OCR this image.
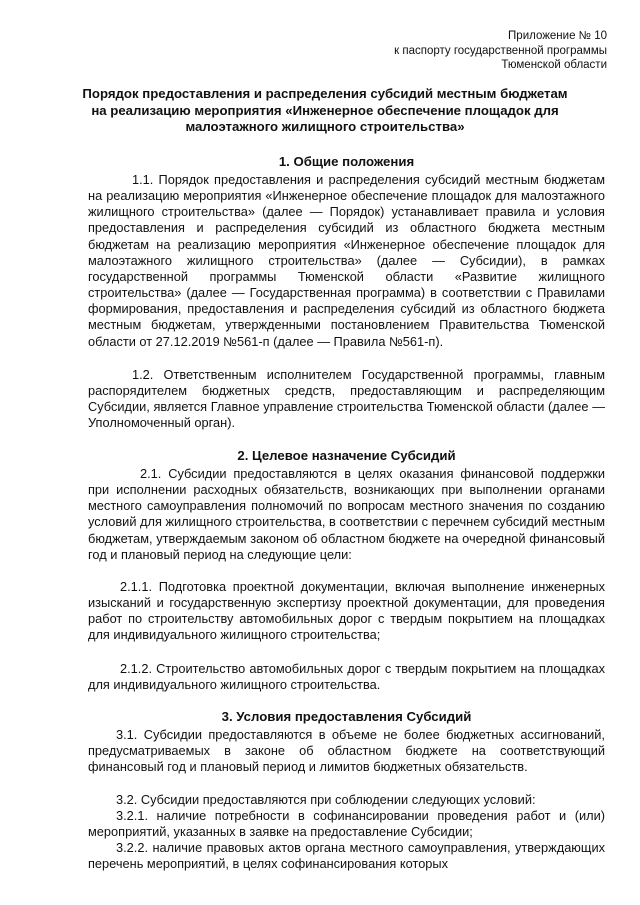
Приложение № 10
к паспорту государственной программы
Тюменской области
Порядок предоставления и распределения субсидий местным бюджетам
на реализацию мероприятия «Инженерное обеспечение площадок для
малоэтажного жилищного строительства»
1. Общие положения

1.1. Порядок предоставления и распределения субсидий местным бюджетам на реализацию мероприятия «Инженерное обеспечение площадок для малоэтажного жилищного строительства» (далее — Порядок) устанавливает правила и условия предоставления и распределения субсидий из областного бюджета местным бюджетам на реализацию мероприятия «Инженерное обеспечение площадок для малоэтажного жилищного строительства» (далее — Субсидии), в рамках государственной программы Тюменской области «Развитие жилищного строительства» (далее — Государственная программа) в соответствии с Правилами формирования, предоставления и распределения субсидий из областного бюджета местным бюджетам, утвержденными постановлением Правительства Тюменской области от 27.12.2019 №561-п (далее — Правила №561-п).

1.2. Ответственным исполнителем Государственной программы, главным распорядителем бюджетных средств, предоставляющим и распределяющим Субсидии, является Главное управление строительства Тюменской области (далее — Уполномоченный орган).

2. Целевое назначение Субсидий

2.1. Субсидии предоставляются в целях оказания финансовой поддержки при исполнении расходных обязательств, возникающих при выполнении органами местного самоуправления полномочий по вопросам местного значения по созданию условий для жилищного строительства, в соответствии с перечнем субсидий местным бюджетам, утверждаемым законом об областном бюджете на очередной финансовый год и плановый период на следующие цели:

2.1.1. Подготовка проектной документации, включая выполнение инженерных изысканий и государственную экспертизу проектной документации, для проведения работ по строительству автомобильных дорог с твердым покрытием на площадках для индивидуального жилищного строительства;

2.1.2. Строительство автомобильных дорог с твердым покрытием на площадках для индивидуального жилищного строительства.

3. Условия предоставления Субсидий

3.1. Субсидии предоставляются в объеме не более бюджетных ассигнований, предусматриваемых в законе об областном бюджете на соответствующий финансовый год и плановый период и лимитов бюджетных обязательств.

3.2. Субсидии предоставляются при соблюдении следующих условий:

3.2.1. наличие потребности в софинансировании проведения работ и (или) мероприятий, указанных в заявке на предоставление Субсидии;

3.2.2. наличие правовых актов органа местного самоуправления, утверждающих перечень мероприятий, в целях софинансирования которых
